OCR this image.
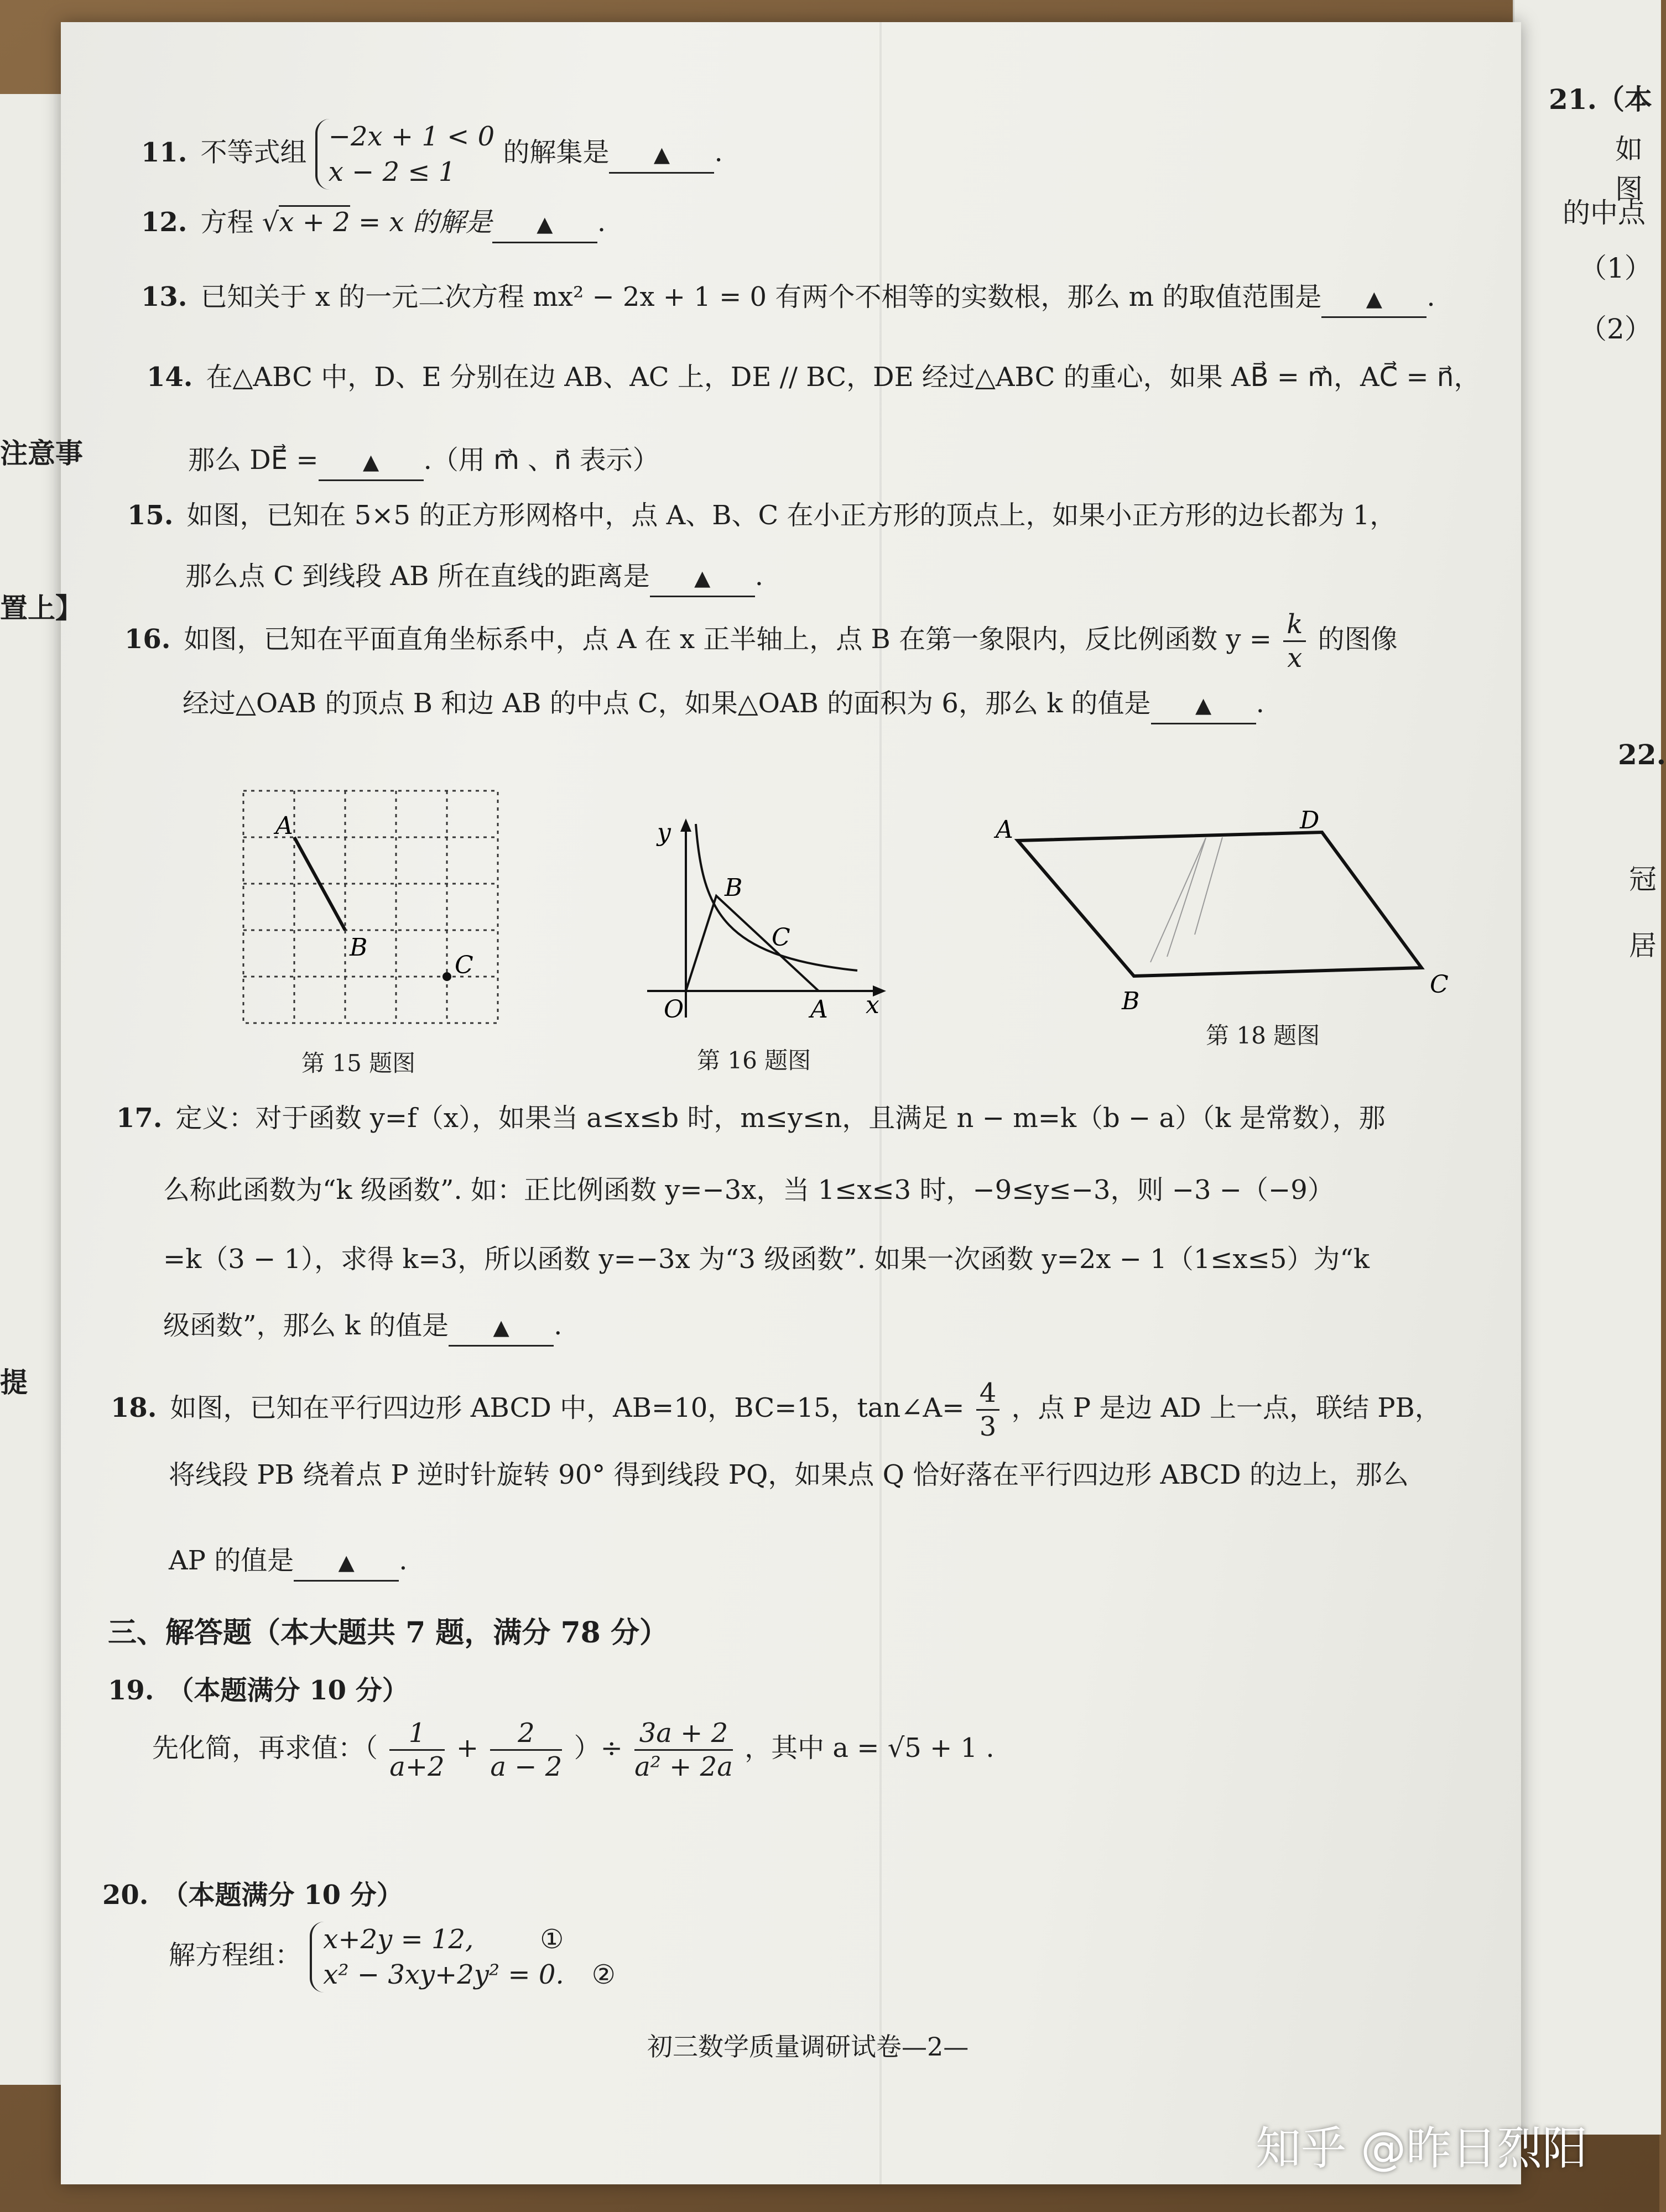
注意事
置上】
提
21.（本
如图
的中点
（1）
（2）
22.
冠
居
11. 不等式组
−2x + 1 < 0
x − 2 ≤ 1
的解集是 ▲ .
12. 方程 √x + 2 = x 的解是 ▲ .
13. 已知关于 x 的一元二次方程 mx² − 2x + 1 = 0 有两个不相等的实数根，那么 m 的取值范围是 ▲ .
14. 在△ABC 中，D、E 分别在边 AB、AC 上，DE // BC，DE 经过△ABC 的重心，如果 AB⃗ = m⃗，AC⃗ = n⃗，
那么 DE⃗ = ▲ .（用 m⃗ 、n⃗ 表示）
15. 如图，已知在 5×5 的正方形网格中，点 A、B、C 在小正方形的顶点上，如果小正方形的边长都为 1，
那么点 C 到线段 AB 所在直线的距离是 ▲ .
16. 如图，已知在平面直角坐标系中，点 A 在 x 正半轴上，点 B 在第一象限内，反比例函数 $y = \frac{k}{x}$ 的图像
经过△OAB 的顶点 B 和边 AB 的中点 C，如果△OAB 的面积为 6，那么 k 的值是 ▲ .
A
B
C
第 15 题图
y
B
C
O	A x
第 16 题图
A	D
B
C
第 18 题图
17. 定义：对于函数 y=f（x），如果当 a≤x≤b 时，m≤y≤n，且满足 n − m=k（b − a）（k 是常数），那
么称此函数为“k 级函数”. 如：正比例函数 y=−3x，当 1≤x≤3 时，−9≤y≤−3，则 −3 −（−9）
=k（3 − 1），求得 k=3，所以函数 y=−3x 为“3 级函数”. 如果一次函数 y=2x − 1（1≤x≤5）为“k
级函数”，那么 k 的值是 ▲ .
18. 如图，已知在平行四边形 ABCD 中，AB=10，BC=15，tan∠A= $\frac{4}{3}$ ，点 P 是边 AD 上一点，联结 PB，
将线段 PB 绕着点 P 逆时针旋转 90° 得到线段 PQ，如果点 Q 恰好落在平行四边形 ABCD 的边上，那么
AP 的值是 ▲ .
三、解答题（本大题共 7 题，满分 78 分）
19. （本题满分 10 分）
先化简，再求值：（ $\frac{1}{a+2} + \frac{2}{a - 2}$ ）÷ $\frac{3a + 2}{\text{a² + 2a}}$ ，其中 a = √5 + 1 .
20. （本题满分 10 分）
解方程组：
x+2y = 12,	①
x² − 3xy+2y² = 0. ②
初三数学质量调研试卷—2—
知乎 @昨日烈阳
